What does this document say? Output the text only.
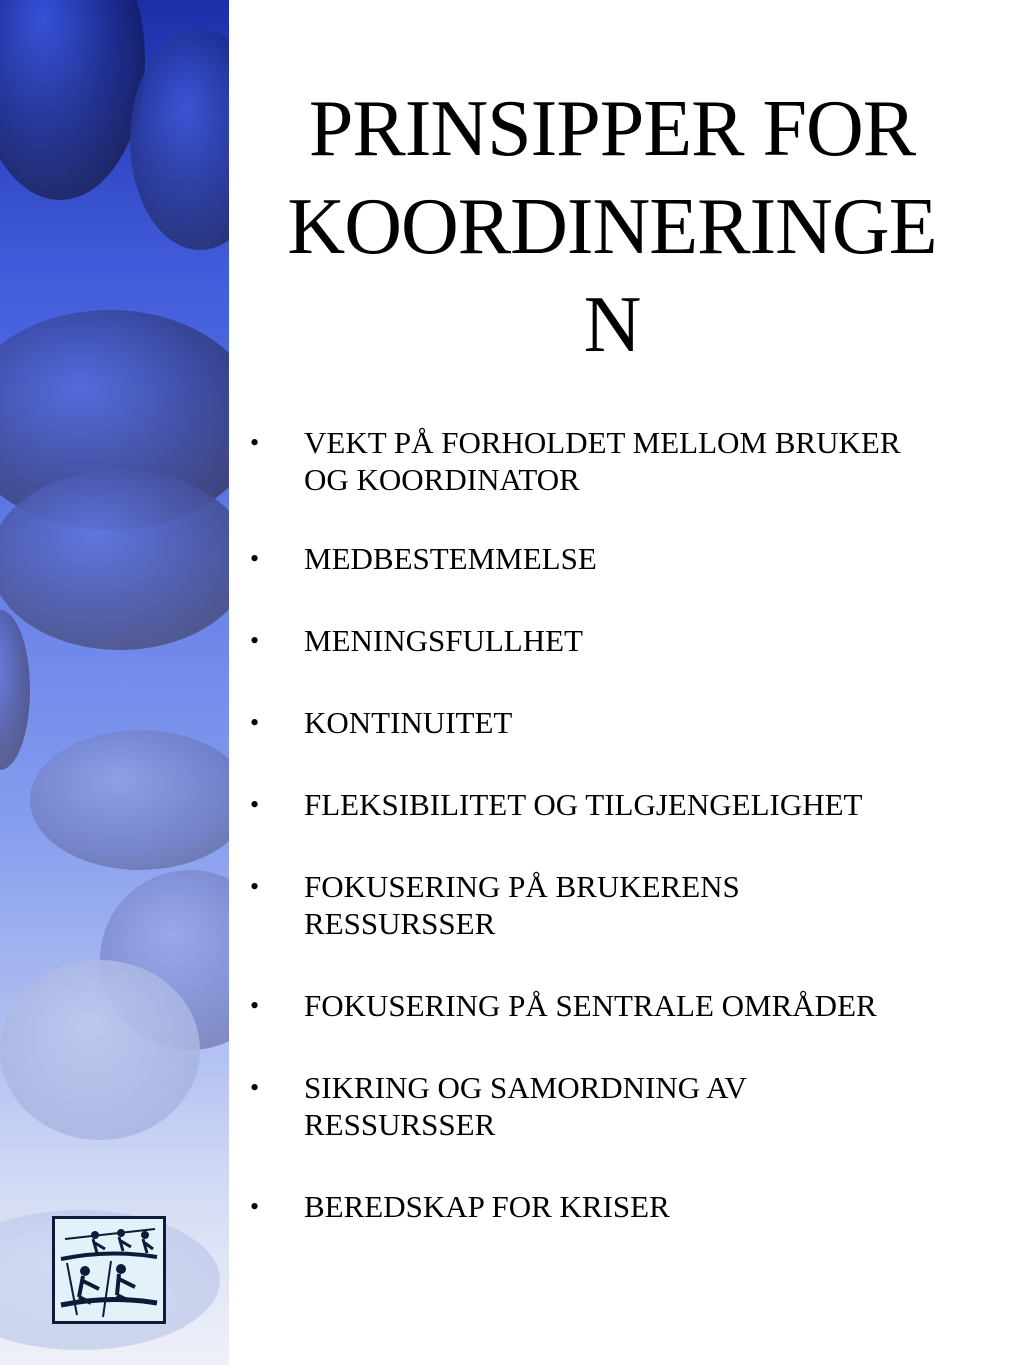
PRINSIPPER FOR
KOORDINERINGE
N
•	VEKT PÅ FORHOLDET MELLOM BRUKER
OG KOORDINATOR
•	MEDBESTEMMELSE
•	MENINGSFULLHET
•	KONTINUITET
•	FLEKSIBILITET OG TILGJENGELIGHET
•	FOKUSERING PÅ BRUKERENS
RESSURSSER
•	FOKUSERING PÅ SENTRALE OMRÅDER
•	SIKRING OG SAMORDNING AV
RESSURSSER
•	BEREDSKAP FOR KRISER
